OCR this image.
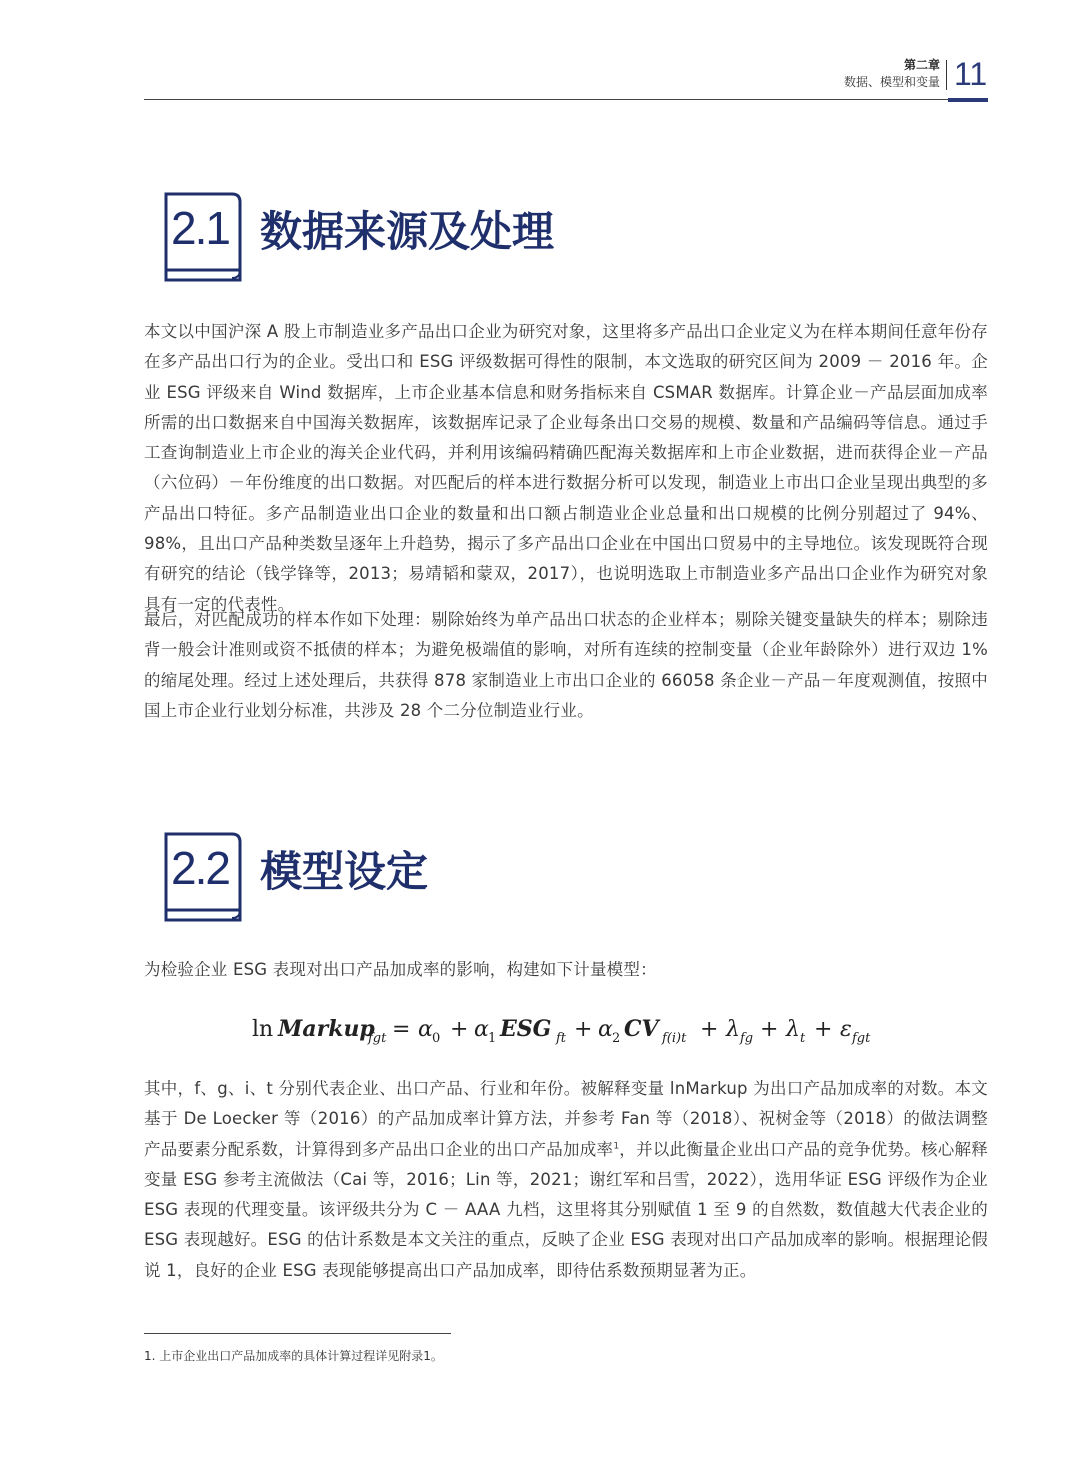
第二章
数据、模型和变量 11
2.1 数据来源及处理

本文以中国沪深 A 股上市制造业多产品出口企业为研究对象，这里将多产品出口企业定义为在样本期间任意年份存在多产品出口行为的企业。受出口和 ESG 评级数据可得性的限制，本文选取的研究区间为 2009 － 2016 年。企业 ESG 评级来自 Wind 数据库，上市企业基本信息和财务指标来自 CSMAR 数据库。计算企业－产品层面加成率所需的出口数据来自中国海关数据库，该数据库记录了企业每条出口交易的规模、数量和产品编码等信息。通过手工查询制造业上市企业的海关企业代码，并利用该编码精确匹配海关数据库和上市企业数据，进而获得企业－产品（六位码）－年份维度的出口数据。对匹配后的样本进行数据分析可以发现，制造业上市出口企业呈现出典型的多产品出口特征。多产品制造业出口企业的数量和出口额占制造业企业总量和出口规模的比例分别超过了 94%、98%，且出口产品种类数呈逐年上升趋势，揭示了多产品出口企业在中国出口贸易中的主导地位。该发现既符合现有研究的结论（钱学锋等，2013；易靖韬和蒙双，2017），也说明选取上市制造业多产品出口企业作为研究对象具有一定的代表性。

最后，对匹配成功的样本作如下处理：剔除始终为单产品出口状态的企业样本；剔除关键变量缺失的样本；剔除违背一般会计准则或资不抵债的样本；为避免极端值的影响，对所有连续的控制变量（企业年龄除外）进行双边 1% 的缩尾处理。经过上述处理后，共获得 878 家制造业上市出口企业的 66058 条企业－产品－年度观测值，按照中国上市企业行业划分标准，共涉及 28 个二分位制造业行业。

2.2 模型设定

为检验企业 ESG 表现对出口产品加成率的影响，构建如下计量模型：

ln Markup
fgt = α 0 + α 1 ESG ft + α 2 CV f(i)t + λ fg + λ t + ε fgt

其中，f、g、i、t 分别代表企业、出口产品、行业和年份。被解释变量 lnMarkup 为出口产品加成率的对数。本文基于 De Loecker 等（2016）的产品加成率计算方法，并参考 Fan 等（2018）、祝树金等（2018）的做法调整产品要素分配系数，计算得到多产品出口企业的出口产品加成率$^1$，并以此衡量企业出口产品的竞争优势。核心解释变量 ESG 参考主流做法（Cai 等，2016；Lin 等，2021；谢红军和吕雪，2022），选用华证 ESG 评级作为企业 ESG 表现的代理变量。该评级共分为 C － AAA 九档，这里将其分别赋值 1 至 9 的自然数，数值越大代表企业的 ESG 表现越好。ESG 的估计系数是本文关注的重点，反映了企业 ESG 表现对出口产品加成率的影响。根据理论假说 1，良好的企业 ESG 表现能够提高出口产品加成率，即待估系数预期显著为正。

1. 上市企业出口产品加成率的具体计算过程详见附录1。
